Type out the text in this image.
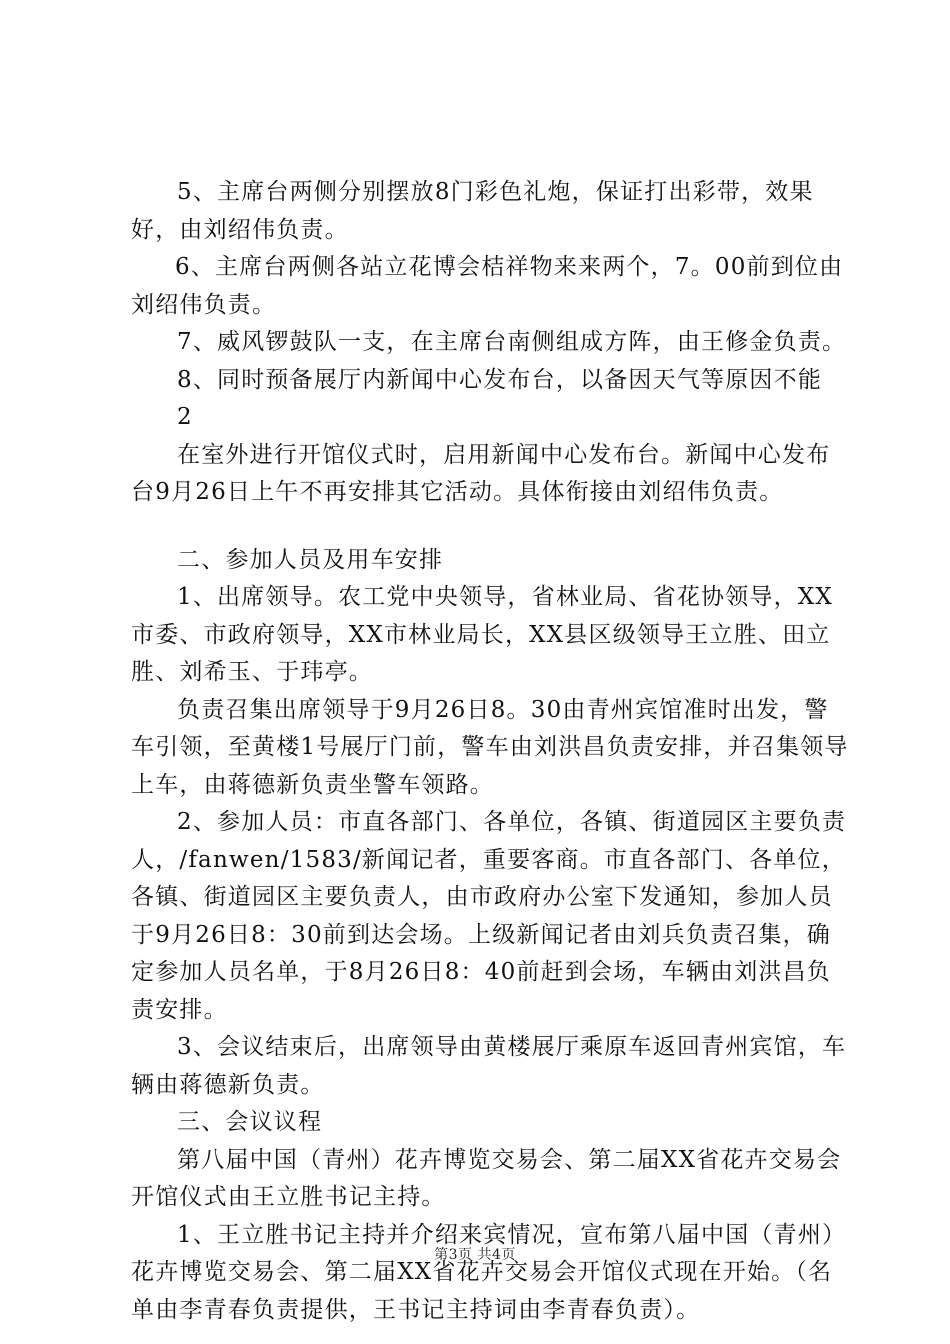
5、主席台两侧分别摆放8门彩色礼炮，保证打出彩带，效果好，由刘绍伟负责。

6、主席台两侧各站立花博会桔祥物来来两个，7。00前到位由刘绍伟负责。

7、威风锣鼓队一支，在主席台南侧组成方阵，由王修金负责。

8、同时预备展厅内新闻中心发布台，以备因天气等原因不能

2

在室外进行开馆仪式时，启用新闻中心发布台。新闻中心发布台9月26日上午不再安排其它活动。具体衔接由刘绍伟负责。

二、参加人员及用车安排

1、出席领导。农工党中央领导，省林业局、省花协领导，XX市委、市政府领导，XX市林业局长，XX县区级领导王立胜、田立胜、刘希玉、于玮亭。

负责召集出席领导于9月26日8。30由青州宾馆准时出发，警车引领，至黄楼1号展厅门前，警车由刘洪昌负责安排，并召集领导上车，由蒋德新负责坐警车领路。

2、参加人员：市直各部门、各单位，各镇、街道园区主要负责人，/fanwen/1583/新闻记者，重要客商。市直各部门、各单位，各镇、街道园区主要负责人，由市政府办公室下发通知，参加人员于9月26日8：30前到达会场。上级新闻记者由刘兵负责召集，确定参加人员名单，于8月26日8：40前赶到会场，车辆由刘洪昌负责安排。

3、会议结束后，出席领导由黄楼展厅乘原车返回青州宾馆，车辆由蒋德新负责。

三、会议议程

第八届中国（青州）花卉博览交易会、第二届XX省花卉交易会开馆仪式由王立胜书记主持。

1、王立胜书记主持并介绍来宾情况，宣布第八届中国（青州）花卉博览交易会、第二届XX省花卉交易会开馆仪式现在开始。（名单由李青春负责提供，王书记主持词由李青春负责）。

第3页 共4页
